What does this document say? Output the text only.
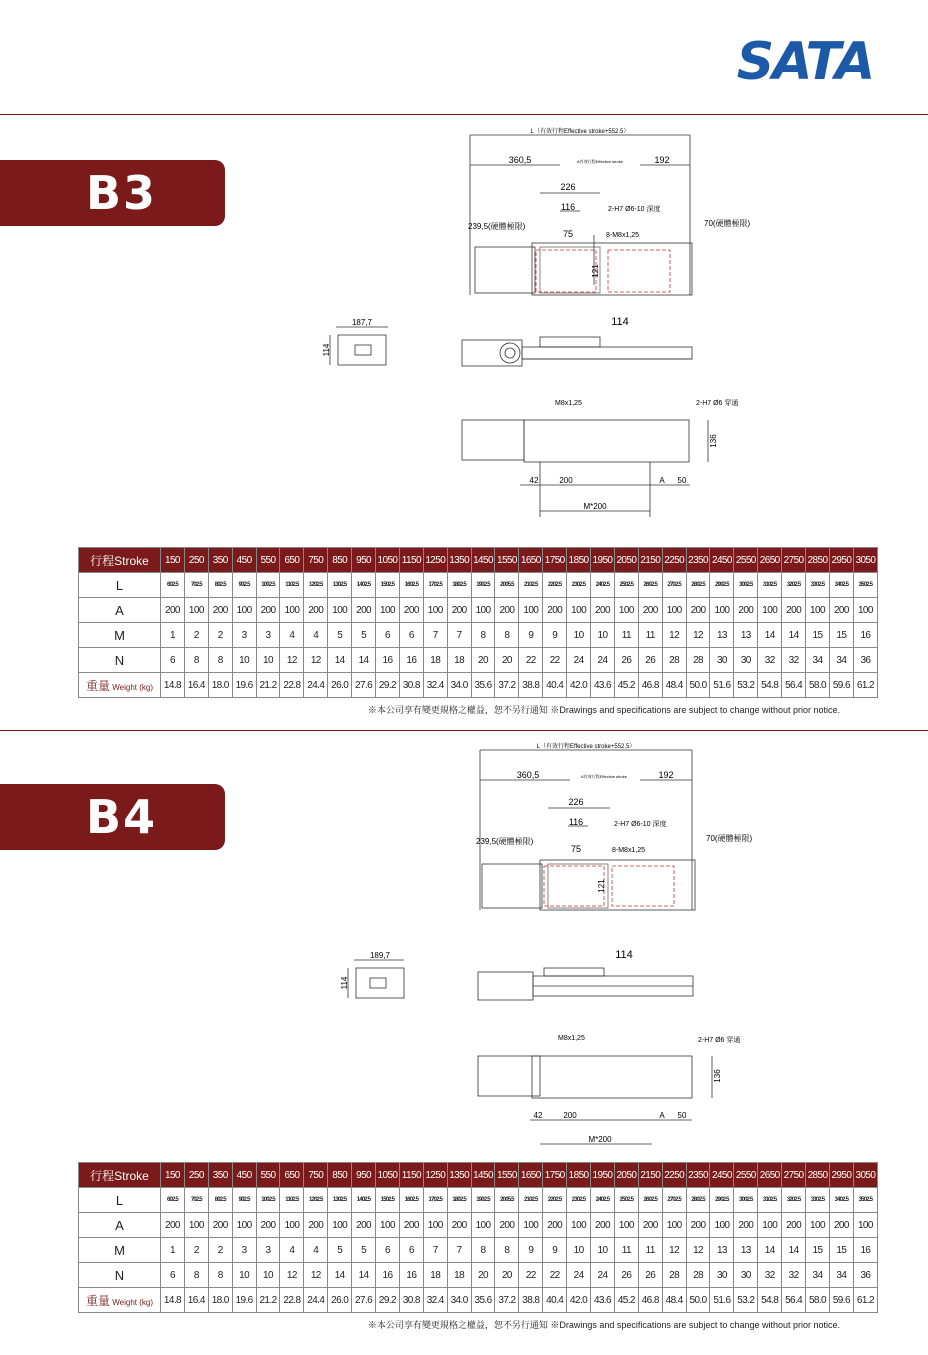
SATA
B3
B4
L（有效行程Effective stroke+552.5）
360,5	A有效行程Effective stroke	192
226
116	2-H7 Ø6-10 深度
239,5(硬體極限)	70(硬體極限)
75	8-M8x1,25
121
187,7
114
114
M8x1,25	2-H7 Ø6 穿通
136
42	200	A 50
M*200
L（有效行程Effective stroke+552.5）
360,5	A有效行程Effective stroke	192
226
116	2-H7 Ø6-10 深度
239,5(硬體極限)	70(硬體極限)
75	8-M8x1,25
121
189,7
114
114
M8x1,25	2-H7 Ø6 穿通
136
42	200	A 50
M*200
行程Stroke	150	250	350	450	550	650	750	850	950	1050	1150	1250	1350	1450	1550	1650	1750	1850	1950	2050	2150	2250	2350	2450	2550	2650	2750	2850	2950	3050
L	602.5	702.5	802.5	902.5	1002.5	1102.5	1202.5	1302.5	1402.5	1502.5	1602.5	1702.5	1802.5	1902.5	2005.5	2102.5	2202.5	2302.5	2402.5	2502.5	2602.5	2702.5	2802.5	2902.5	3002.5	3102.5	3202.5	3302.5	3402.5	3502.5
A	200	100	200	100	200	100	200	100	200	100	200	100	200	100	200	100	200	100	200	100	200	100	200	100	200	100	200	100	200	100
M	1	2	2	3	3	4	4	5	5	6	6	7	7	8	8	9	9	10	10	11	11	12	12	13	13	14	14	15	15	16
N	6	8	8	10	10	12	12	14	14	16	16	18	18	20	20	22	22	24	24	26	26	28	28	30	30	32	32	34	34	36
重量 Weight (kg)	14.8	16.4	18.0	19.6	21.2	22.8	24.4	26.0	27.6	29.2	30.8	32.4	34.0	35.6	37.2	38.8	40.4	42.0	43.6	45.2	46.8	48.4	50.0	51.6	53.2	54.8	56.4	58.0	59.6	61.2
※本公司享有變更規格之權益，恕不另行通知 ※Drawings and specifications are subject to change without prior notice.
行程Stroke	150	250	350	450	550	650	750	850	950	1050	1150	1250	1350	1450	1550	1650	1750	1850	1950	2050	2150	2250	2350	2450	2550	2650	2750	2850	2950	3050
L	602.5	702.5	802.5	902.5	1002.5	1102.5	1202.5	1302.5	1402.5	1502.5	1602.5	1702.5	1802.5	1902.5	2005.5	2102.5	2202.5	2302.5	2402.5	2502.5	2602.5	2702.5	2802.5	2902.5	3002.5	3102.5	3202.5	3302.5	3402.5	3502.5
A	200	100	200	100	200	100	200	100	200	100	200	100	200	100	200	100	200	100	200	100	200	100	200	100	200	100	200	100	200	100
M	1	2	2	3	3	4	4	5	5	6	6	7	7	8	8	9	9	10	10	11	11	12	12	13	13	14	14	15	15	16
N	6	8	8	10	10	12	12	14	14	16	16	18	18	20	20	22	22	24	24	26	26	28	28	30	30	32	32	34	34	36
重量 Weight (kg)	14.8	16.4	18.0	19.6	21.2	22.8	24.4	26.0	27.6	29.2	30.8	32.4	34.0	35.6	37.2	38.8	40.4	42.0	43.6	45.2	46.8	48.4	50.0	51.6	53.2	54.8	56.4	58.0	59.6	61.2
※本公司享有變更規格之權益，恕不另行通知 ※Drawings and specifications are subject to change without prior notice.
